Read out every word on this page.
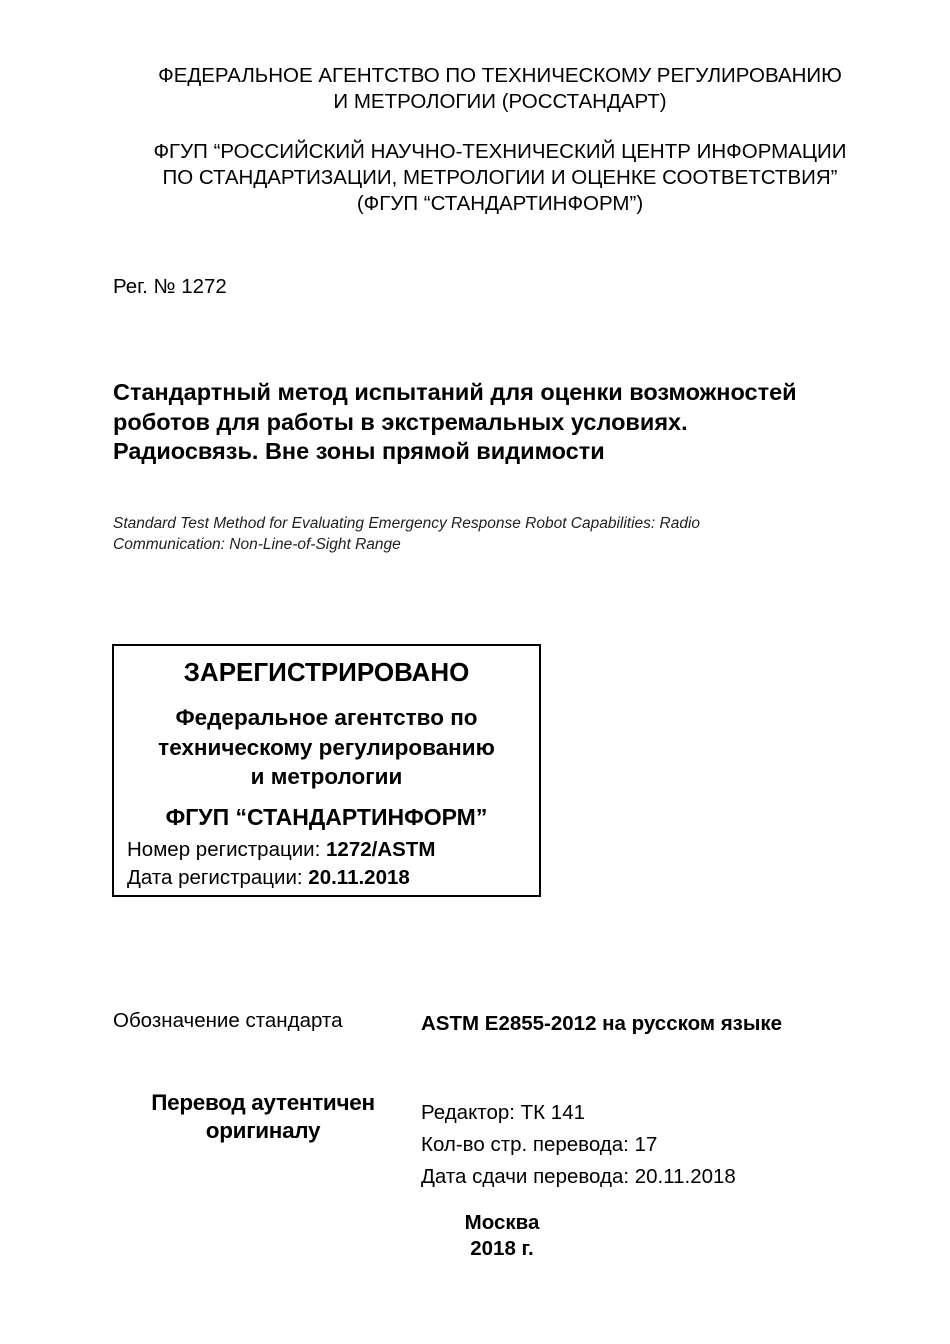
ФЕДЕРАЛЬНОЕ АГЕНТСТВО ПО ТЕХНИЧЕСКОМУ РЕГУЛИРОВАНИЮ
И МЕТРОЛОГИИ (РОССТАНДАРТ)
ФГУП “РОССИЙСКИЙ НАУЧНО-ТЕХНИЧЕСКИЙ ЦЕНТР ИНФОРМАЦИИ
ПО СТАНДАРТИЗАЦИИ, МЕТРОЛОГИИ И ОЦЕНКЕ СООТВЕТСТВИЯ”
(ФГУП “СТАНДАРТИНФОРМ”)
Рег. № 1272
Стандартный метод испытаний для оценки возможностей
роботов для работы в экстремальных условиях.
Радиосвязь. Вне зоны прямой видимости
Standard Test Method for Evaluating Emergency Response Robot Capabilities: Radio
Communication: Non-Line-of-Sight Range
ЗАРЕГИСТРИРОВАНО
Федеральное агентство по
техническому регулированию
и метрологии
ФГУП “СТАНДАРТИНФОРМ”
Номер регистрации: 1272/ASTM
Дата регистрации: 20.11.2018
Обозначение стандарта	ASTM E2855-2012 на русском языке
Перевод аутентичен
оригиналу
Редактор: ТК 141
Кол-во стр. перевода: 17
Дата сдачи перевода: 20.11.2018
Москва
2018 г.
